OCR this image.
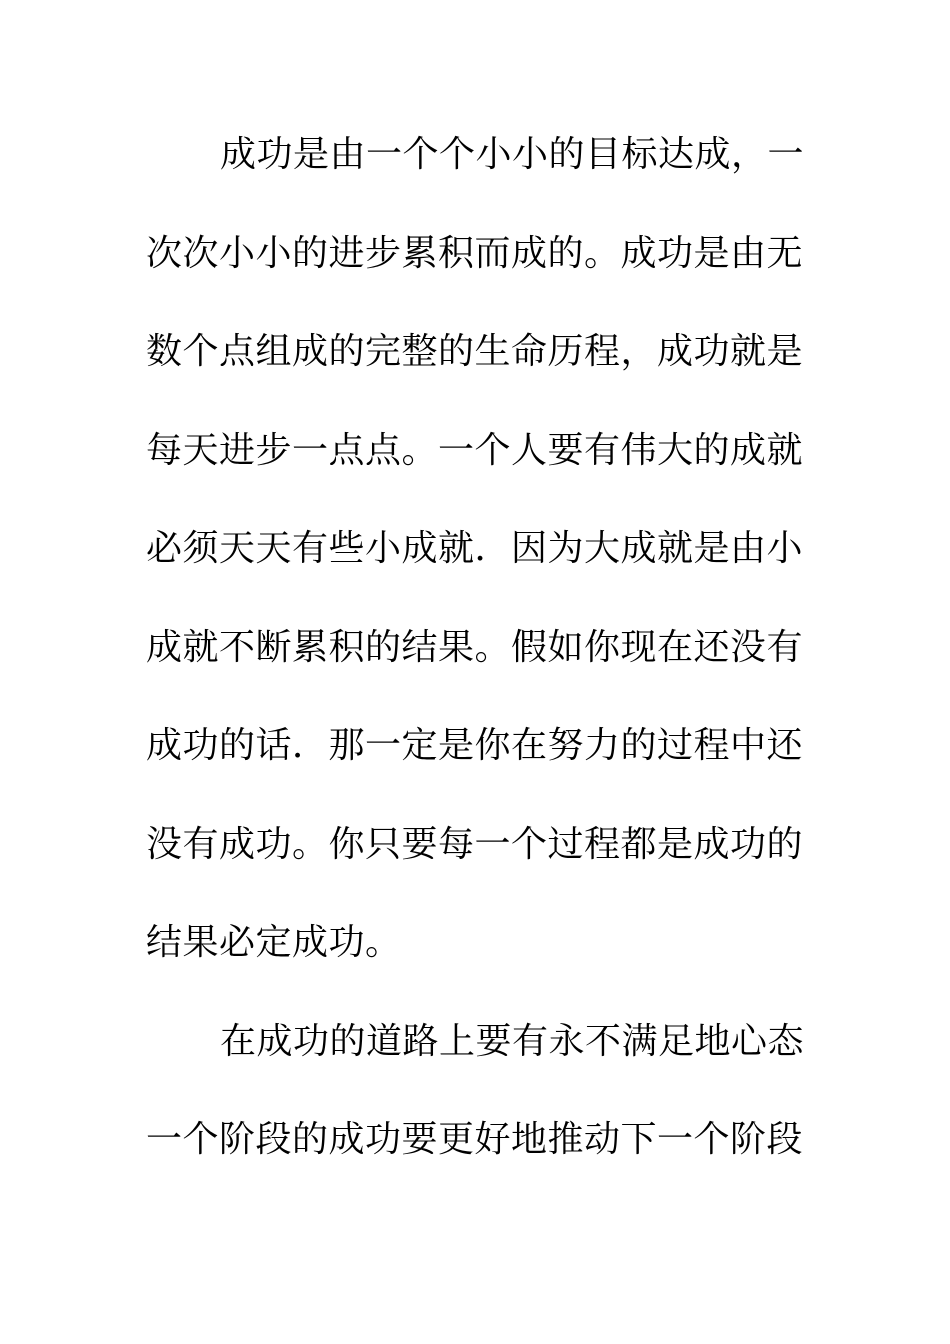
成功是由一个个小小的目标达成，一
次次小小的进步累积而成的。成功是由无
数个点组成的完整的生命历程，成功就是
每天进步一点点。一个人要有伟大的成就
必须天天有些小成就．因为大成就是由小
成就不断累积的结果。假如你现在还没有
成功的话．那一定是你在努力的过程中还
没有成功。你只要每一个过程都是成功的
结果必定成功。
在成功的道路上要有永不满足地心态
一个阶段的成功要更好地推动下一个阶段
